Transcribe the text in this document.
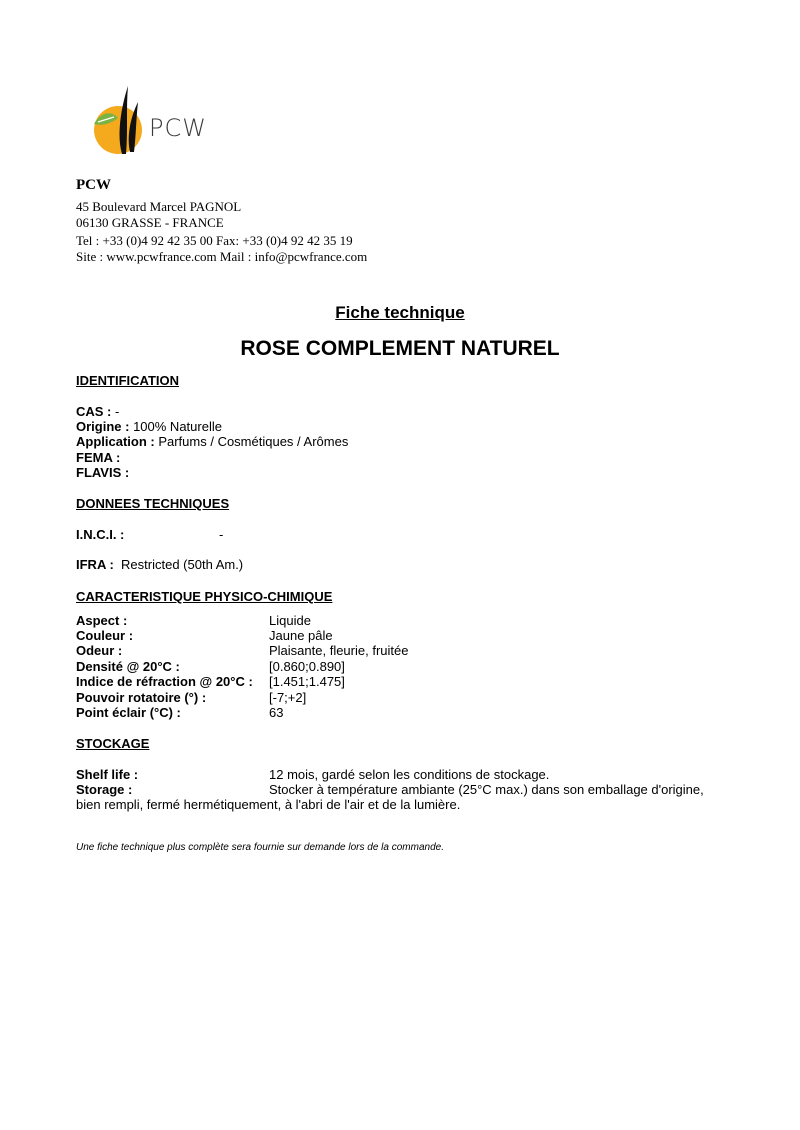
PCW
PCW
45 Boulevard Marcel PAGNOL
06130 GRASSE - FRANCE
Tel : +33 (0)4 92 42 35 00 Fax: +33 (0)4 92 42 35 19
Site : www.pcwfrance.com Mail : info@pcwfrance.com
Fiche technique
ROSE COMPLEMENT NATUREL
IDENTIFICATION
CAS : -
Origine : 100% Naturelle
Application : Parfums / Cosmétiques / Arômes
FEMA :
FLAVIS :
DONNEES TECHNIQUES
I.N.C.I. :	-
IFRA : Restricted (50th Am.)
CARACTERISTIQUE PHYSICO-CHIMIQUE
Aspect :	Liquide
Couleur :	Jaune pâle
Odeur :	Plaisante, fleurie, fruitée
Densité @ 20°C :	[0.860;0.890]
Indice de réfraction @ 20°C : [1.451;1.475]
Pouvoir rotatoire (°) :	[-7;+2]
Point éclair (°C) :	63
STOCKAGE
Shelf life :	12 mois, gardé selon les conditions de stockage.
Storage :	Stocker à température ambiante (25°C max.) dans son emballage d'origine,
bien rempli, fermé hermétiquement, à l'abri de l'air et de la lumière.
Une fiche technique plus complète sera fournie sur demande lors de la commande.
